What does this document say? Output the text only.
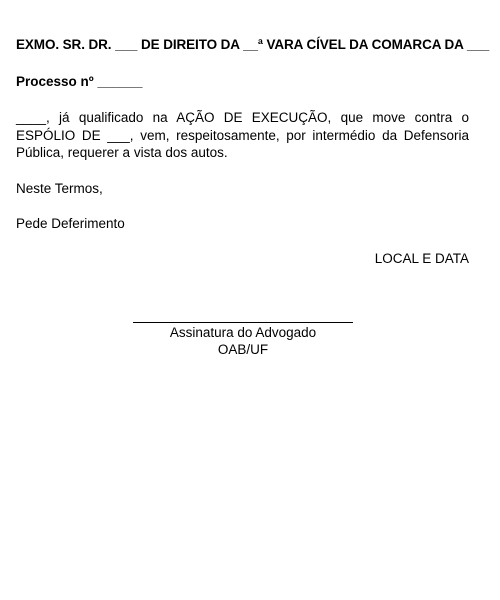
EXMO. SR. DR. ___ DE DIREITO DA __ª VARA CÍVEL DA COMARCA DA ___
Processo nº ______
____, já qualificado na AÇÃO DE EXECUÇÃO, que move contra o ESPÓLIO DE ___, vem, respeitosamente, por intermédio da Defensoria Pública, requerer a vista dos autos.
Neste Termos,
Pede Deferimento
LOCAL E DATA
Assinatura do Advogado
OAB/UF
